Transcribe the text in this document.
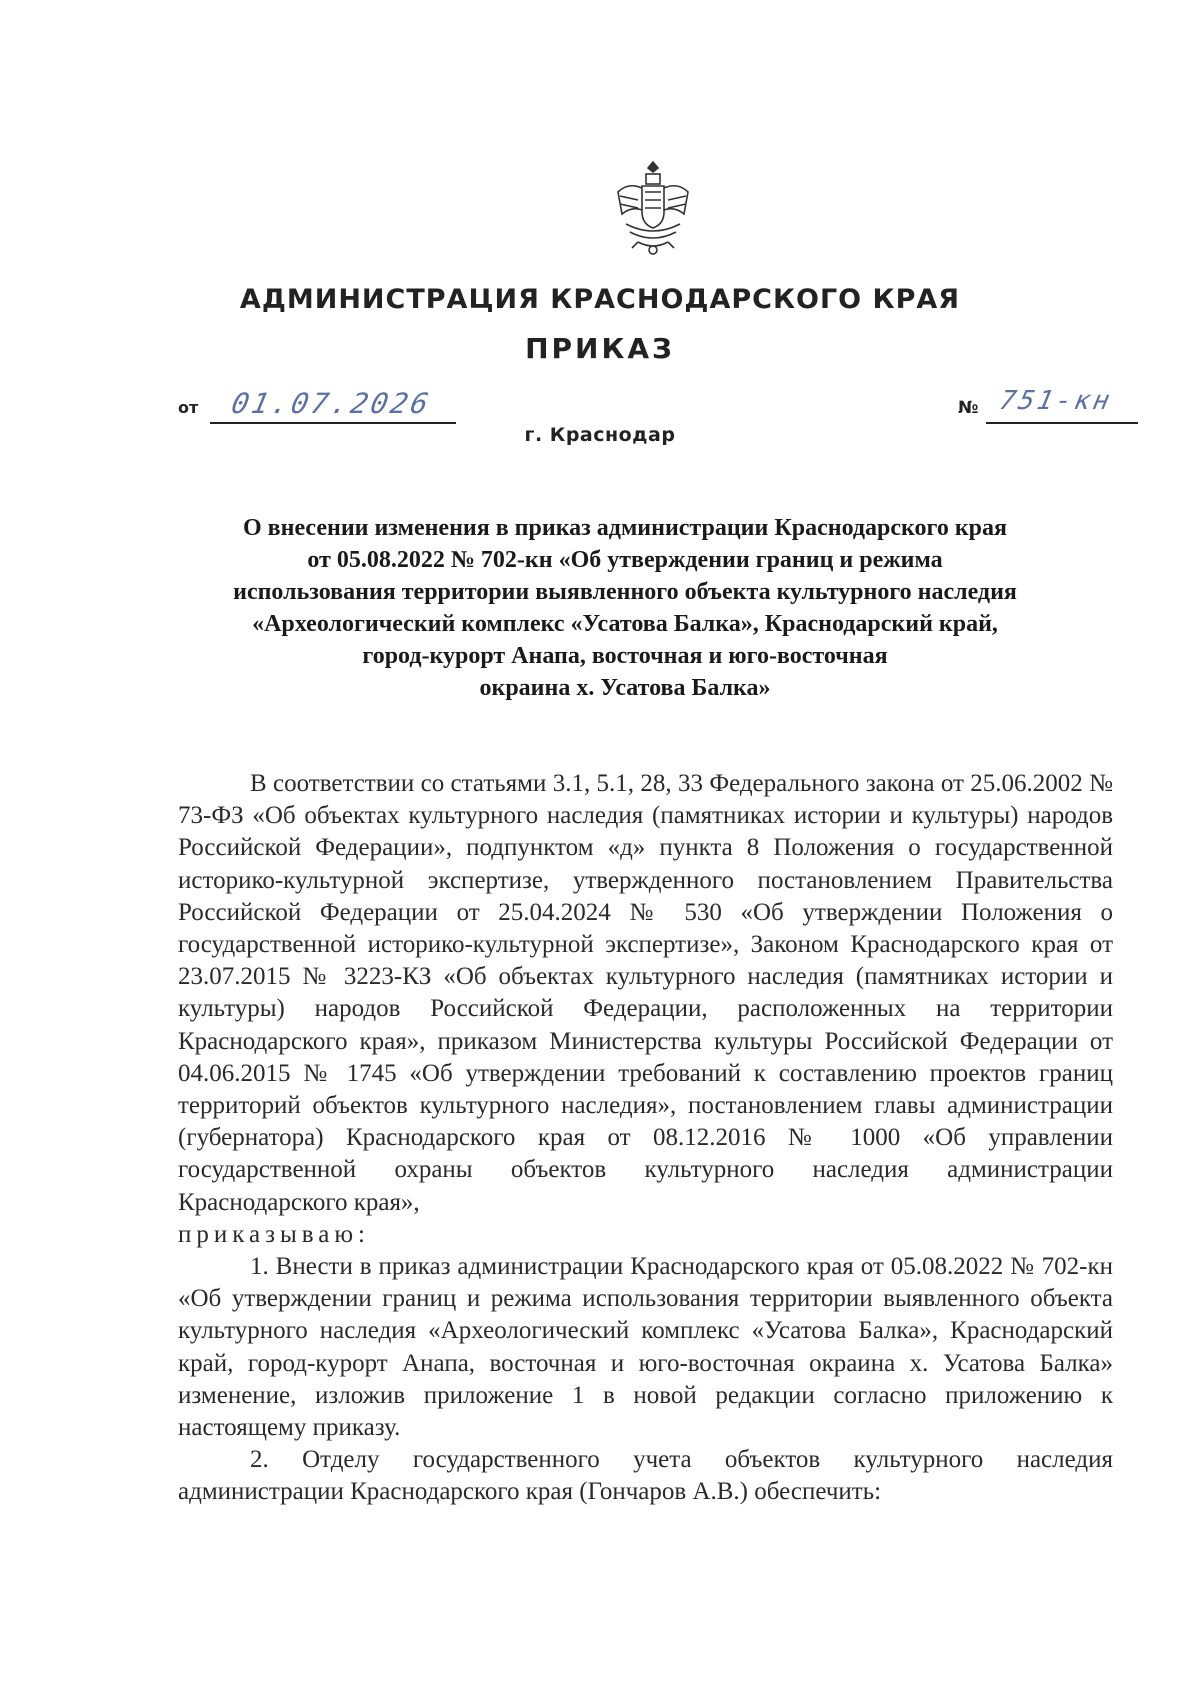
АДМИНИСТРАЦИЯ КРАСНОДАРСКОГО КРАЯ
ПРИКАЗ
от 01.07.2026	№ 751-кн
г. Краснодар
О внесении изменения в приказ администрации Краснодарского края
от 05.08.2022 № 702-кн «Об утверждении границ и режима
использования территории выявленного объекта культурного наследия
«Археологический комплекс «Усатова Балка», Краснодарский край,
город-курорт Анапа, восточная и юго-восточная
окраина х. Усатова Балка»

В соответствии со статьями 3.1, 5.1, 28, 33 Федерального закона от 25.06.2002 № 73-ФЗ «Об объектах культурного наследия (памятниках истории и культуры) народов Российской Федерации», подпунктом «д» пункта 8 Положения о государственной историко-культурной экспертизе, утвержденного постановлением Правительства Российской Федерации от 25.04.2024 № 530 «Об утверждении Положения о государственной историко-культурной экспертизе», Законом Краснодарского края от 23.07.2015 № 3223-КЗ «Об объектах культурного наследия (памятниках истории и культуры) народов Российской Федерации, расположенных на территории Краснодарского края», приказом Министерства культуры Российской Федерации от 04.06.2015 № 1745 «Об утверждении требований к составлению проектов границ территорий объектов культурного наследия», постановлением главы администрации (губернатора) Краснодарского края от 08.12.2016 № 1000 «Об управлении государственной охраны объектов культурного наследия администрации Краснодарского края»,

приказываю:

1. Внести в приказ администрации Краснодарского края от 05.08.2022 № 702-кн «Об утверждении границ и режима использования территории выявленного объекта культурного наследия «Археологический комплекс «Усатова Балка», Краснодарский край, город-курорт Анапа, восточная и юго-восточная окраина х. Усатова Балка» изменение, изложив приложение 1 в новой редакции согласно приложению к настоящему приказу.

2. Отделу государственного учета объектов культурного наследия администрации Краснодарского края (Гончаров А.В.) обеспечить:
